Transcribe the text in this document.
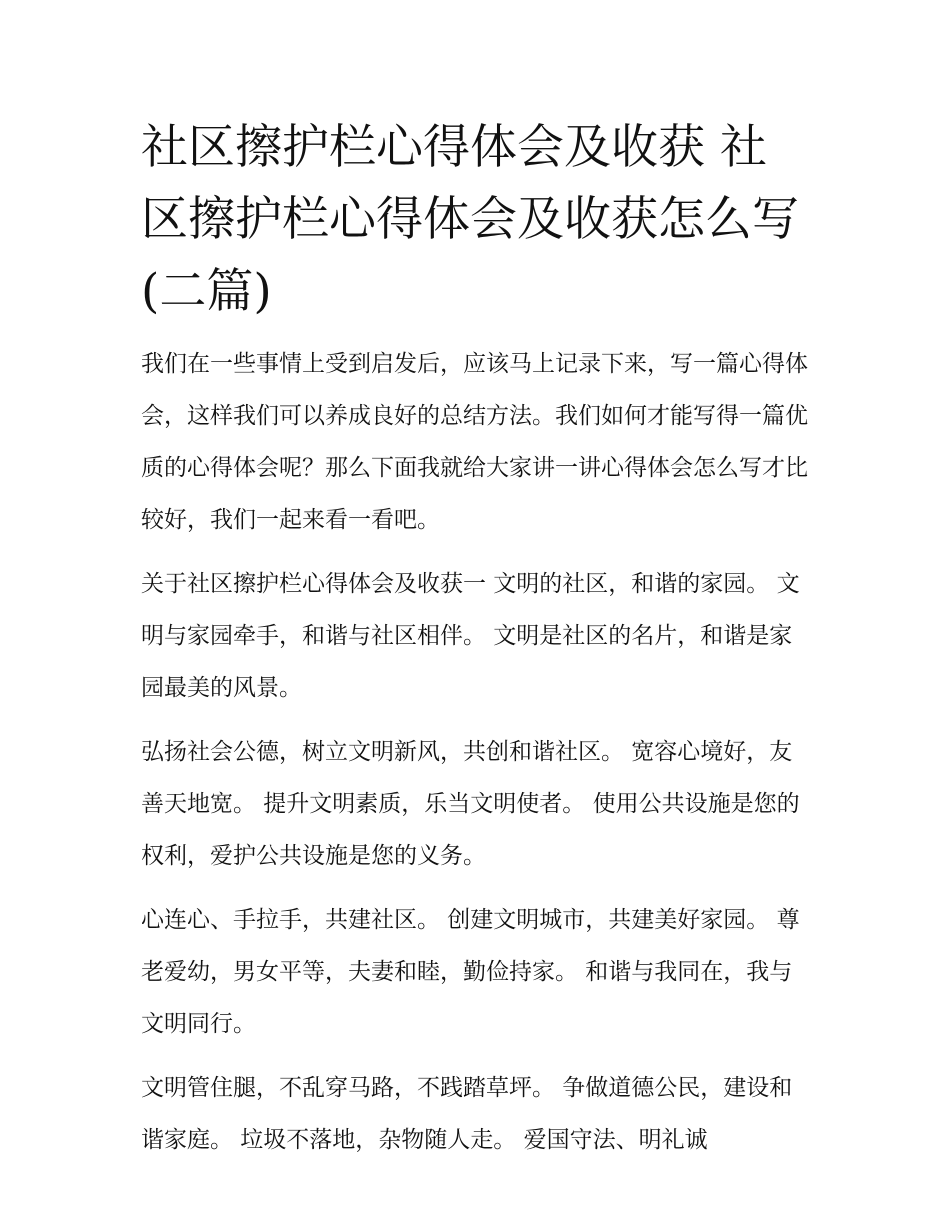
社区擦护栏心得体会及收获 社区擦护栏心得体会及收获怎么写(二篇)

我们在一些事情上受到启发后，应该马上记录下来，写一篇心得体会，这样我们可以养成良好的总结方法。我们如何才能写得一篇优质的心得体会呢？那么下面我就给大家讲一讲心得体会怎么写才比较好，我们一起来看一看吧。

关于社区擦护栏心得体会及收获一 文明的社区，和谐的家园。 文明与家园牵手，和谐与社区相伴。 文明是社区的名片，和谐是家园最美的风景。

弘扬社会公德，树立文明新风，共创和谐社区。 宽容心境好，友善天地宽。 提升文明素质，乐当文明使者。 使用公共设施是您的权利，爱护公共设施是您的义务。

心连心、手拉手，共建社区。 创建文明城市，共建美好家园。 尊老爱幼，男女平等，夫妻和睦，勤俭持家。 和谐与我同在，我与文明同行。

文明管住腿，不乱穿马路，不践踏草坪。 争做道德公民，建设和谐家庭。 垃圾不落地，杂物随人走。 爱国守法、明礼诚
